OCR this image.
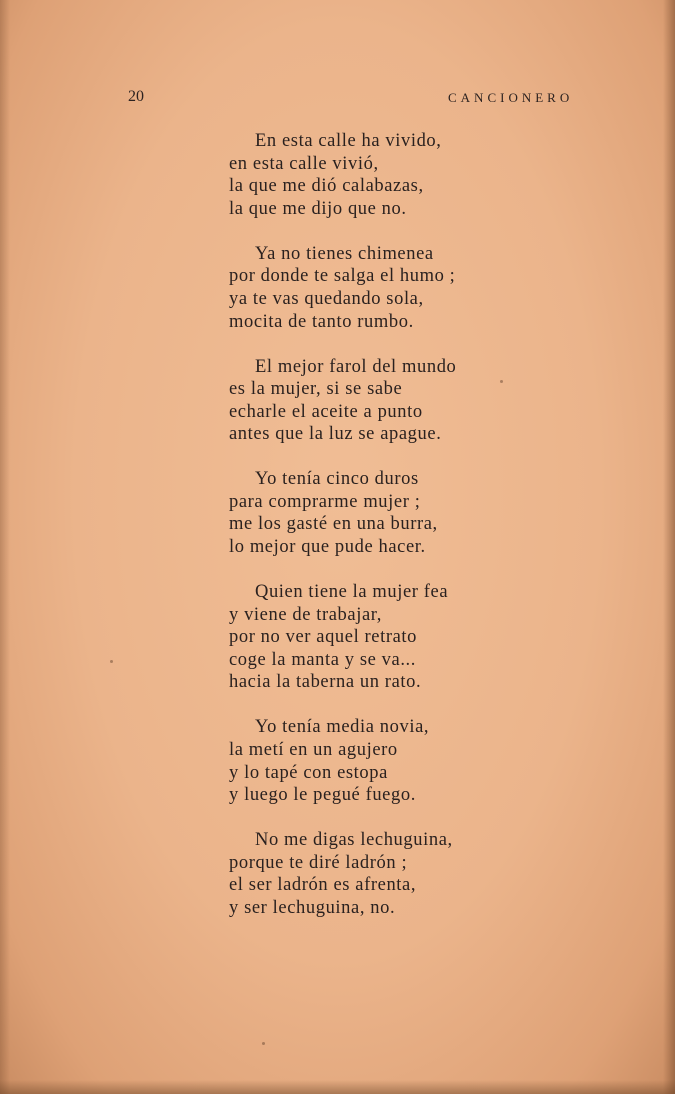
20	CANCIONERO
En esta calle ha vivido,
en esta calle vivió,
la que me dió calabazas,
la que me dijo que no.
Ya no tienes chimenea
por donde te salga el humo ;
ya te vas quedando sola,
mocita de tanto rumbo.
El mejor farol del mundo
es la mujer, si se sabe
echarle el aceite a punto
antes que la luz se apague.
Yo tenía cinco duros
para comprarme mujer ;
me los gasté en una burra,
lo mejor que pude hacer.
Quien tiene la mujer fea
y viene de trabajar,
por no ver aquel retrato
coge la manta y se va...
hacia la taberna un rato.
Yo tenía media novia,
la metí en un agujero
y lo tapé con estopa
y luego le pegué fuego.
No me digas lechuguina,
porque te diré ladrón ;
el ser ladrón es afrenta,
y ser lechuguina, no.
